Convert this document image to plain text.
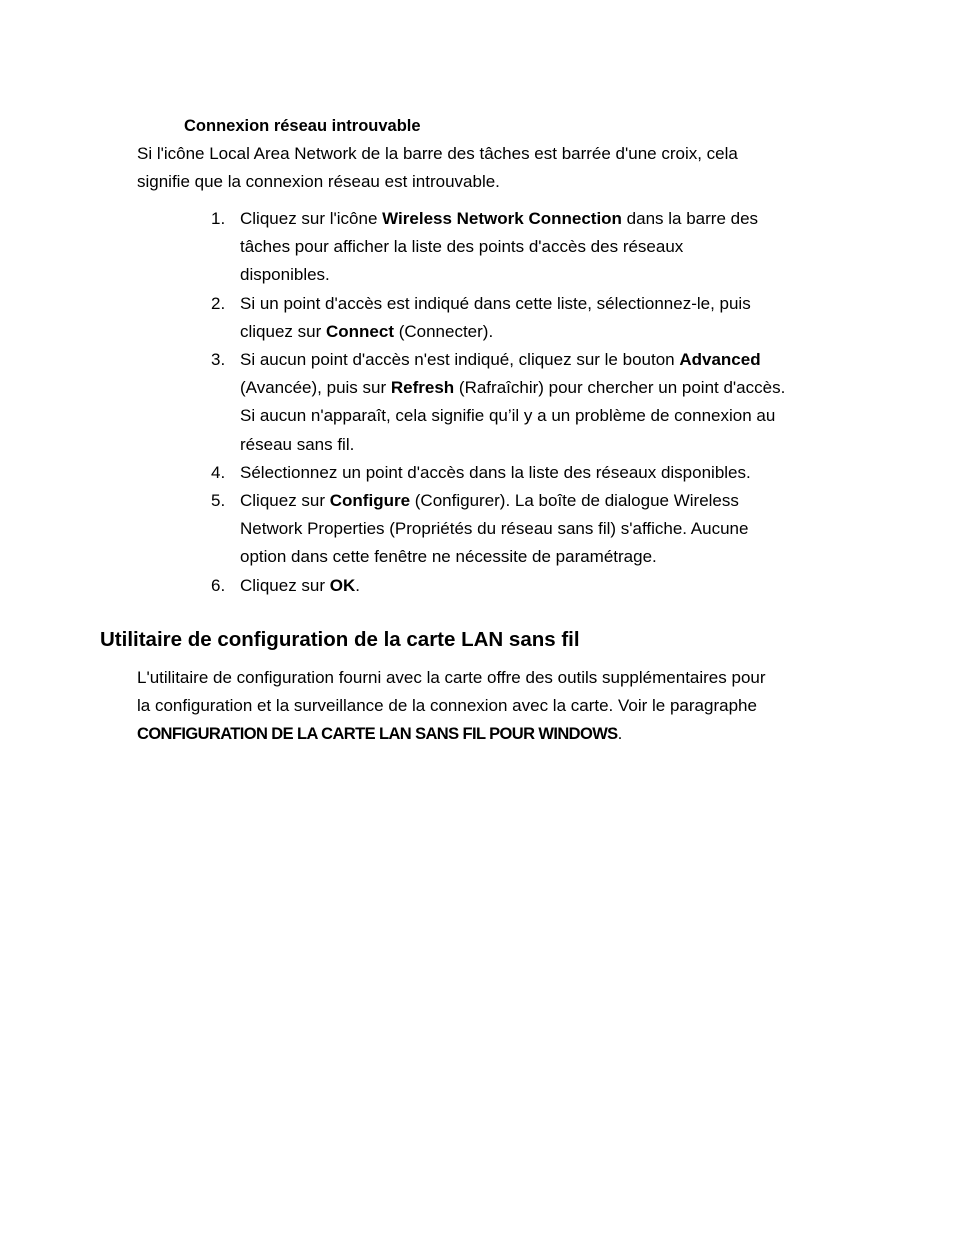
Connexion réseau introuvable
Si l'icône Local Area Network de la barre des tâches est barrée d'une croix, cela
signifie que la connexion réseau est introuvable.
1. Cliquez sur l'icône Wireless Network Connection dans la barre des
tâches pour afficher la liste des points d'accès des réseaux
disponibles.
2. Si un point d'accès est indiqué dans cette liste, sélectionnez-le, puis
cliquez sur Connect (Connecter).
3. Si aucun point d'accès n'est indiqué, cliquez sur le bouton Advanced
(Avancée), puis sur Refresh (Rafraîchir) pour chercher un point d'accès.
Si aucun n'apparaît, cela signifie qu’il y a un problème de connexion au
réseau sans fil.
4. Sélectionnez un point d'accès dans la liste des réseaux disponibles.
5. Cliquez sur Configure (Configurer). La boîte de dialogue Wireless
Network Properties (Propriétés du réseau sans fil) s'affiche. Aucune
option dans cette fenêtre ne nécessite de paramétrage.
6. Cliquez sur OK.
Utilitaire de configuration de la carte LAN sans fil
L'utilitaire de configuration fourni avec la carte offre des outils supplémentaires pour
la configuration et la surveillance de la connexion avec la carte. Voir le paragraphe
CONFIGURATION DE LA CARTE LAN SANS FIL POUR WINDOWS.
